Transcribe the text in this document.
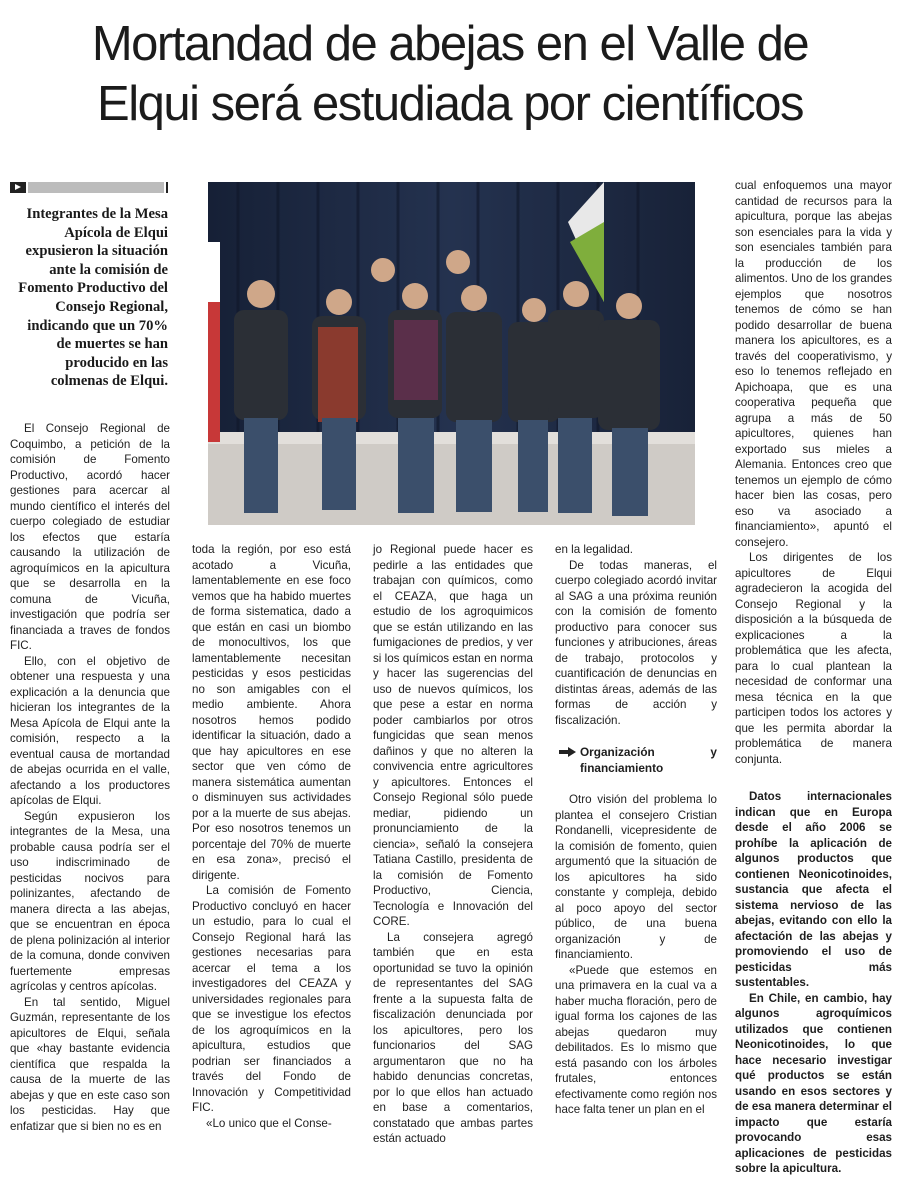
Mortandad de abejas en el Valle de
Elqui será estudiada por científicos
Integrantes de la Mesa Apícola de Elqui expusieron la situación ante la comisión de Fomento Productivo del Consejo Regional, indicando que un 70% de muertes se han producido en las colmenas de Elqui.

El Consejo Regional de Coquimbo, a petición de la comisión de Fomento Productivo, acordó hacer gestiones para acercar al mundo científico el interés del cuerpo colegiado de estudiar los efectos que estaría causando la utilización de agroquímicos en la apicultura que se desarrolla en la comuna de Vicuña, investigación que podría ser financiada a traves de fondos FIC.

Ello, con el objetivo de obtener una respuesta y una explicación a la denuncia que hicieran los integrantes de la Mesa Apícola de Elqui ante la comisión, respecto a la eventual causa de mortandad de abejas ocurrida en el valle, afectando a los productores apícolas de Elqui.

Según expusieron los integrantes de la Mesa, una probable causa podría ser el uso indiscriminado de pesticidas nocivos para polinizantes, afectando de manera directa a las abejas, que se encuentran en época de plena polinización al interior de la comuna, donde conviven fuertemente empresas agrícolas y centros apícolas.

En tal sentido, Miguel Guzmán, representante de los apicultores de Elqui, señala que «hay bastante evidencia científica que respalda la causa de la muerte de las abejas y que en este caso son los pesticidas. Hay que enfatizar que si bien no es en

toda la región, por eso está acotado a Vicuña, lamentablemente en ese foco vemos que ha habido muertes de forma sistematica, dado a que están en casi un biombo de monocultivos, los que lamentablemente necesitan pesticidas y esos pesticidas no son amigables con el medio ambiente. Ahora nosotros hemos podido identificar la situación, dado a que hay apicultores en ese sector que ven cómo de manera sistemática aumentan o disminuyen sus actividades por a la muerte de sus abejas. Por eso nosotros tenemos un porcentaje del 70% de muerte en esa zona», precisó el dirigente.

La comisión de Fomento Productivo concluyó en hacer un estudio, para lo cual el Consejo Regional hará las gestiones necesarias para acercar el tema a los investigadores del CEAZA y universidades regionales para que se investigue los efectos de los agroquímicos en la apicultura, estudios que podrian ser financiados a través del Fondo de Innovación y Competitividad FIC.

«Lo unico que el Conse-

jo Regional puede hacer es pedirle a las entidades que trabajan con químicos, como el CEAZA, que haga un estudio de los agroquimicos que se están utilizando en las fumigaciones de predios, y ver si los químicos estan en norma y hacer las sugerencias del uso de nuevos químicos, los que pese a estar en norma poder cambiarlos por otros fungicidas que sean menos dañinos y que no alteren la convivencia entre agricultores y apicultores. Entonces el Consejo Regional sólo puede mediar, pidiendo un pronunciamiento de la ciencia», señaló la consejera Tatiana Castillo, presidenta de la comisión de Fomento Productivo, Ciencia, Tecnología e Innovación del CORE.

La consejera agregó también que en esta oportunidad se tuvo la opinión de representantes del SAG frente a la supuesta falta de fiscalización denunciada por los apicultores, pero los funcionarios del SAG argumentaron que no ha habido denuncias concretas, por lo que ellos han actuado en base a comentarios, constatado que ambas partes están actuado

en la legalidad.

De todas maneras, el cuerpo colegiado acordó invitar al SAG a una próxima reunión con la comisión de fomento productivo para conocer sus funciones y atribuciones, áreas de trabajo, protocolos y cuantificación de denuncias en distintas áreas, además de las formas de acción y fiscalización.

Organización y financiamiento

Otro visión del problema lo plantea el consejero Cristian Rondanelli, vicepresidente de la comisión de fomento, quien argumentó que la situación de los apicultores ha sido constante y compleja, debido al poco apoyo del sector público, de una buena organización y de financiamiento.

«Puede que estemos en una primavera en la cual va a haber mucha floración, pero de igual forma los cajones de las abejas quedaron muy debilitados. Es lo mismo que está pasando con los árboles frutales, entonces efectivamente como región nos hace falta tener un plan en el

cual enfoquemos una mayor cantidad de recursos para la apicultura, porque las abejas son esenciales para la vida y son esenciales también para la producción de los alimentos. Uno de los grandes ejemplos que nosotros tenemos de cómo se han podido desarrollar de buena manera los apicultores, es a través del cooperativismo, y eso lo tenemos reflejado en Apichoapa, que es una cooperativa pequeña que agrupa a más de 50 apicultores, quienes han exportado sus mieles a Alemania. Entonces creo que tenemos un ejemplo de cómo hacer bien las cosas, pero eso va asociado a financiamiento», apuntó el consejero.

Los dirigentes de los apicultores de Elqui agradecieron la acogida del Consejo Regional y la disposición a la búsqueda de explicaciones a la problemática que les afecta, para lo cual plantean la necesidad de conformar una mesa técnica en la que participen todos los actores y que les permita abordar la problemática de manera conjunta.

Datos internacionales indican que en Europa desde el año 2006 se prohíbe la aplicación de algunos productos que contienen Neonicotinoides, sustancia que afecta el sistema nervioso de las abejas, evitando con ello la afectación de las abejas y promoviendo el uso de pesticidas más sustentables.

En Chile, en cambio, hay algunos agroquímicos utilizados que contienen Neonicotinoides, lo que hace necesario investigar qué productos se están usando en esos sectores y de esa manera determinar el impacto que estaría provocando esas aplicaciones de pesticidas sobre la apicultura.
